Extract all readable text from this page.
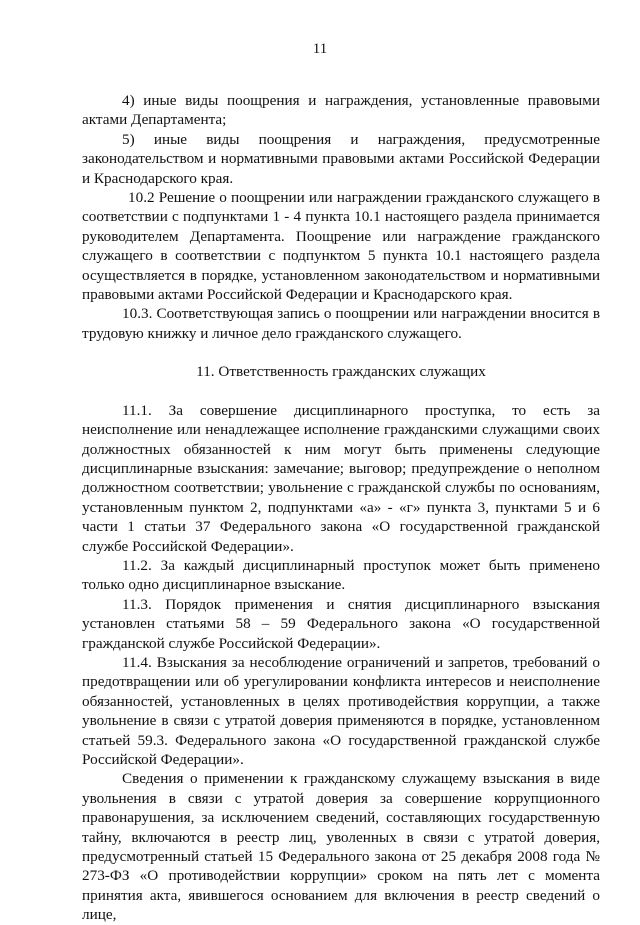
11

4) иные виды поощрения и награждения, установленные правовыми актами Департамента;

5) иные виды поощрения и награждения, предусмотренные законодательством и нормативными правовыми актами Российской Федерации и Краснодарского края.

10.2 Решение о поощрении или награждении гражданского служащего в соответствии с подпунктами 1 - 4 пункта 10.1 настоящего раздела принимается руководителем Департамента. Поощрение или награждение гражданского служащего в соответствии с подпунктом 5 пункта 10.1 настоящего раздела осуществляется в порядке, установленном законодательством и нормативными правовыми актами Российской Федерации и Краснодарского края.

10.3. Соответствующая запись о поощрении или награждении вносится в трудовую книжку и личное дело гражданского служащего.

11. Ответственность гражданских служащих

11.1. За совершение дисциплинарного проступка, то есть за неисполнение или ненадлежащее исполнение гражданскими служащими своих должностных обязанностей к ним могут быть применены следующие дисциплинарные взыскания: замечание; выговор; предупреждение о неполном должностном соответствии; увольнение с гражданской службы по основаниям, установленным пунктом 2, подпунктами «а» - «г» пункта 3, пунктами 5 и 6 части 1 статьи 37 Федерального закона «О государственной гражданской службе Российской Федерации».

11.2. За каждый дисциплинарный проступок может быть применено только одно дисциплинарное взыскание.

11.3. Порядок применения и снятия дисциплинарного взыскания установлен статьями 58 – 59 Федерального закона «О государственной гражданской службе Российской Федерации».

11.4. Взыскания за несоблюдение ограничений и запретов, требований о предотвращении или об урегулировании конфликта интересов и неисполнение обязанностей, установленных в целях противодействия коррупции, а также увольнение в связи с утратой доверия применяются в порядке, установленном статьей 59.3. Федерального закона «О государственной гражданской службе Российской Федерации».

Сведения о применении к гражданскому служащему взыскания в виде увольнения в связи с утратой доверия за совершение коррупционного правонарушения, за исключением сведений, составляющих государственную тайну, включаются в реестр лиц, уволенных в связи с утратой доверия, предусмотренный статьей 15 Федерального закона от 25 декабря 2008 года № 273-ФЗ «О противодействии коррупции» сроком на пять лет с момента принятия акта, явившегося основанием для включения в реестр сведений о лице,
